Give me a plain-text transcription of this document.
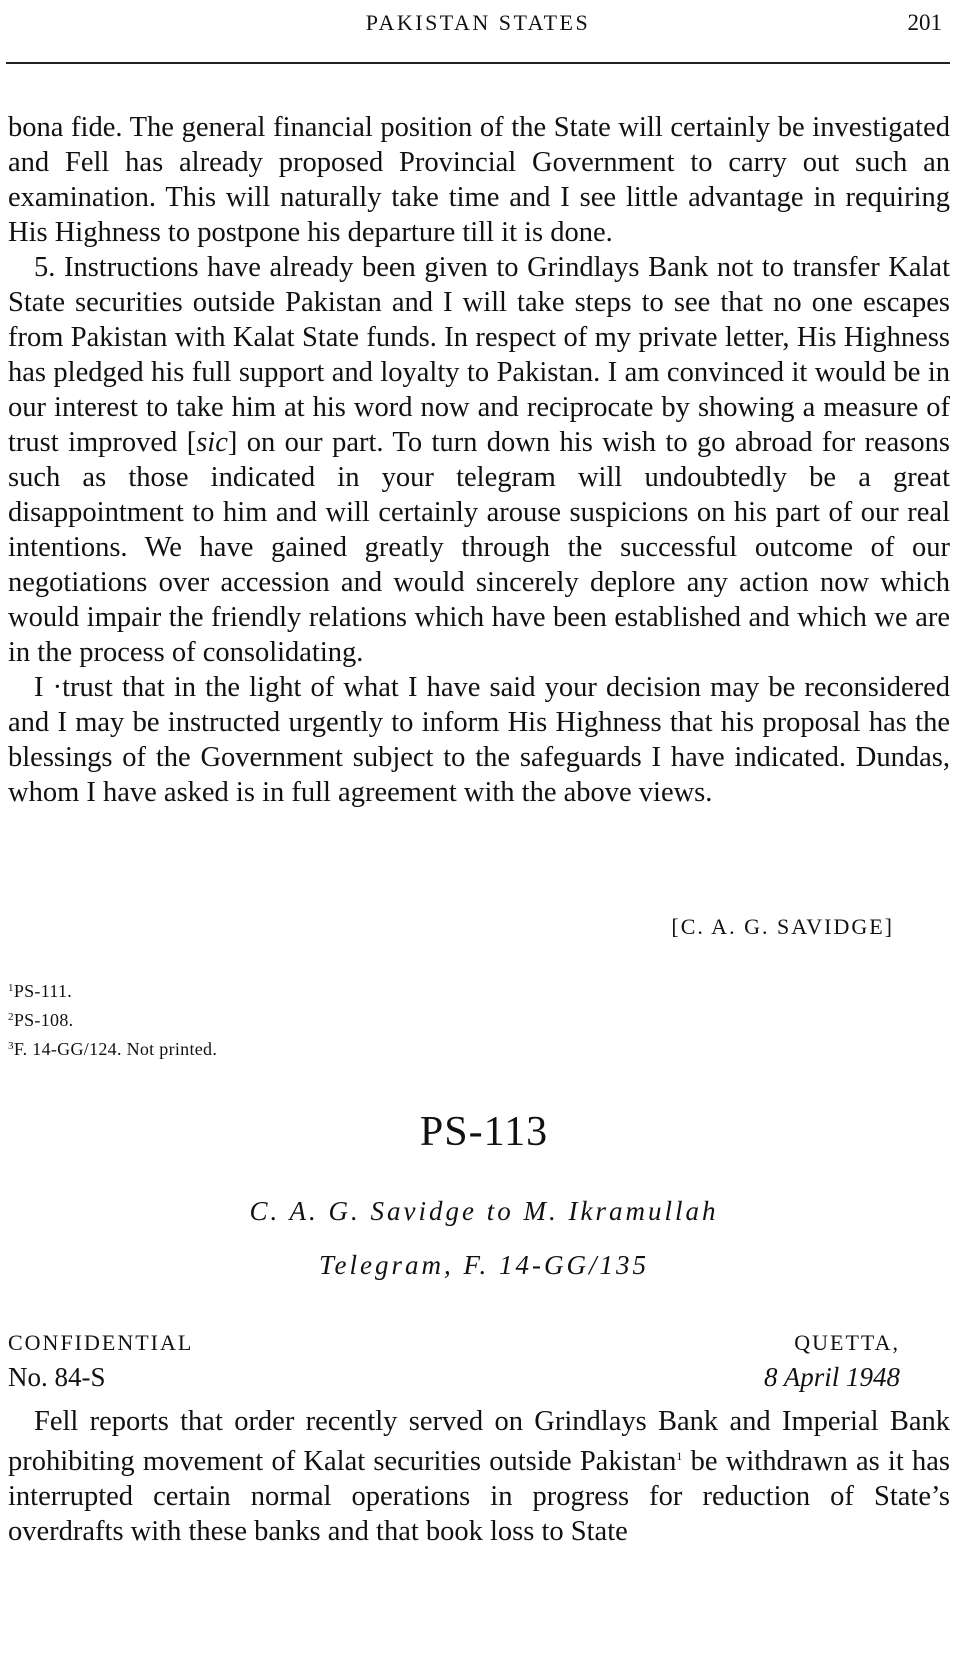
PAKISTAN STATES	201

bona fide. The general financial position of the State will certainly be investigated and Fell has already proposed Provincial Government to carry out such an examination. This will naturally take time and I see little advantage in requiring His Highness to postpone his departure till it is done.

5. Instructions have already been given to Grindlays Bank not to transfer Kalat State securities outside Pakistan and I will take steps to see that no one escapes from Pakistan with Kalat State funds. In respect of my private letter, His Highness has pledged his full support and loyalty to Pakistan. I am convinced it would be in our interest to take him at his word now and reciprocate by showing a measure of trust improved [sic] on our part. To turn down his wish to go abroad for reasons such as those indicated in your telegram will undoubtedly be a great disappointment to him and will certainly arouse suspicions on his part of our real intentions. We have gained greatly through the successful outcome of our negotiations over accession and would sincerely deplore any action now which would impair the friendly relations which have been established and which we are in the process of consolidating.

I ·trust that in the light of what I have said your decision may be reconsidered and I may be instructed urgently to inform His Highness that his proposal has the blessings of the Government subject to the safeguards I have indicated. Dundas, whom I have asked is in full agreement with the above views.

[C. A. G. SAVIDGE]
$^1$PS-111.
$^2$PS-108.
$^3$F. 14-GG/124. Not printed.
PS-113
C. A. G. Savidge to M. Ikramullah
Telegram, F. 14-GG/135
CONFIDENTIAL	QUETTA,
No. 84-S	8 April 1948

Fell reports that order recently served on Grindlays Bank and Imperial Bank prohibiting movement of Kalat securities outside Pakistan$^1$ be withdrawn as it has interrupted certain normal operations in progress for reduction of State’s overdrafts with these banks and that book loss to State
